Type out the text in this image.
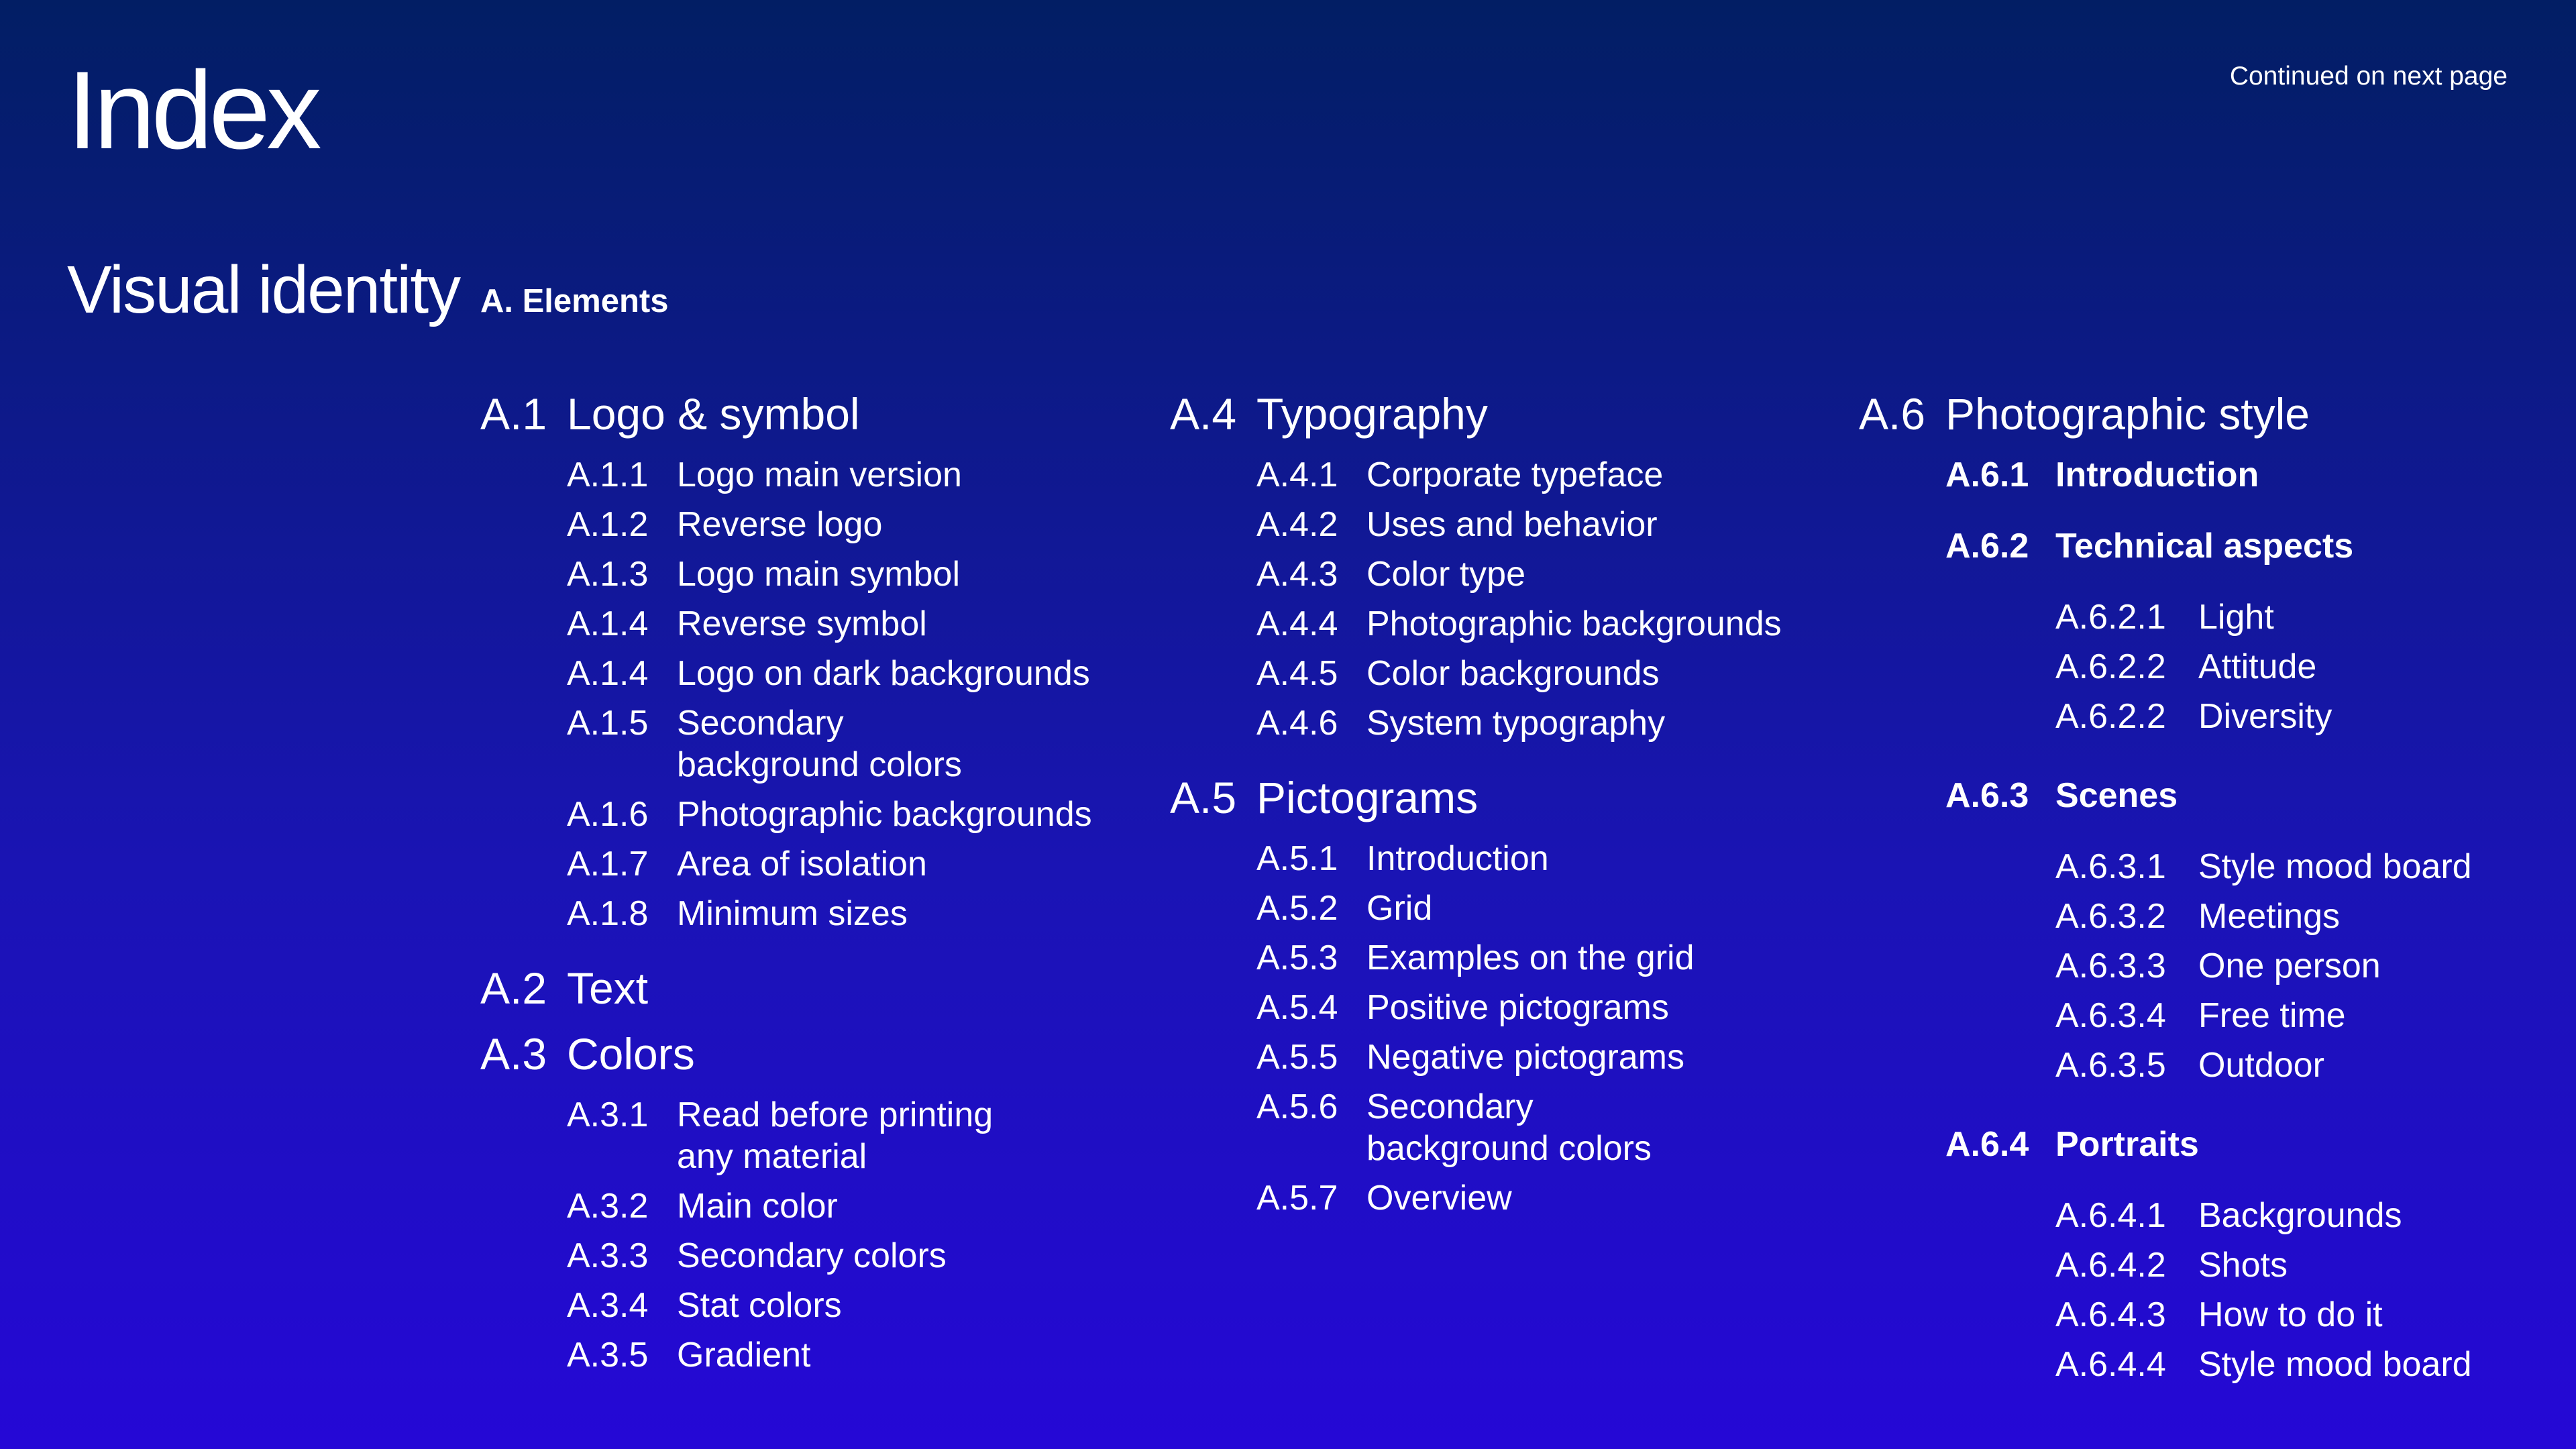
Index	Continued on next page
Visual identity A. Elements
A.1 Logo & symbol
A.1.1 Logo main version
A.1.2 Reverse logo
A.1.3 Logo main symbol
A.1.4 Reverse symbol
A.1.4 Logo on dark backgrounds
A.1.5 Secondary
background colors
A.1.6 Photographic backgrounds
A.1.7 Area of isolation
A.1.8 Minimum sizes
A.2 Text
A.3 Colors
A.3.1 Read before printing
any material
A.3.2 Main color
A.3.3 Secondary colors
A.3.4 Stat colors
A.3.5 Gradient
A.4 Typography
A.4.1 Corporate typeface
A.4.2 Uses and behavior
A.4.3 Color type
A.4.4 Photographic backgrounds
A.4.5 Color backgrounds
A.4.6 System typography
A.5 Pictograms
A.5.1 Introduction
A.5.2 Grid
A.5.3 Examples on the grid
A.5.4 Positive pictograms
A.5.5 Negative pictograms
A.5.6 Secondary
background colors
A.5.7 Overview
A.6 Photographic style
A.6.1 Introduction
A.6.2 Technical aspects
A.6.2.1 Light
A.6.2.2 Attitude
A.6.2.2 Diversity
A.6.3 Scenes
A.6.3.1 Style mood board
A.6.3.2 Meetings
A.6.3.3 One person
A.6.3.4 Free time
A.6.3.5 Outdoor
A.6.4 Portraits
A.6.4.1 Backgrounds
A.6.4.2 Shots
A.6.4.3 How to do it
A.6.4.4 Style mood board
